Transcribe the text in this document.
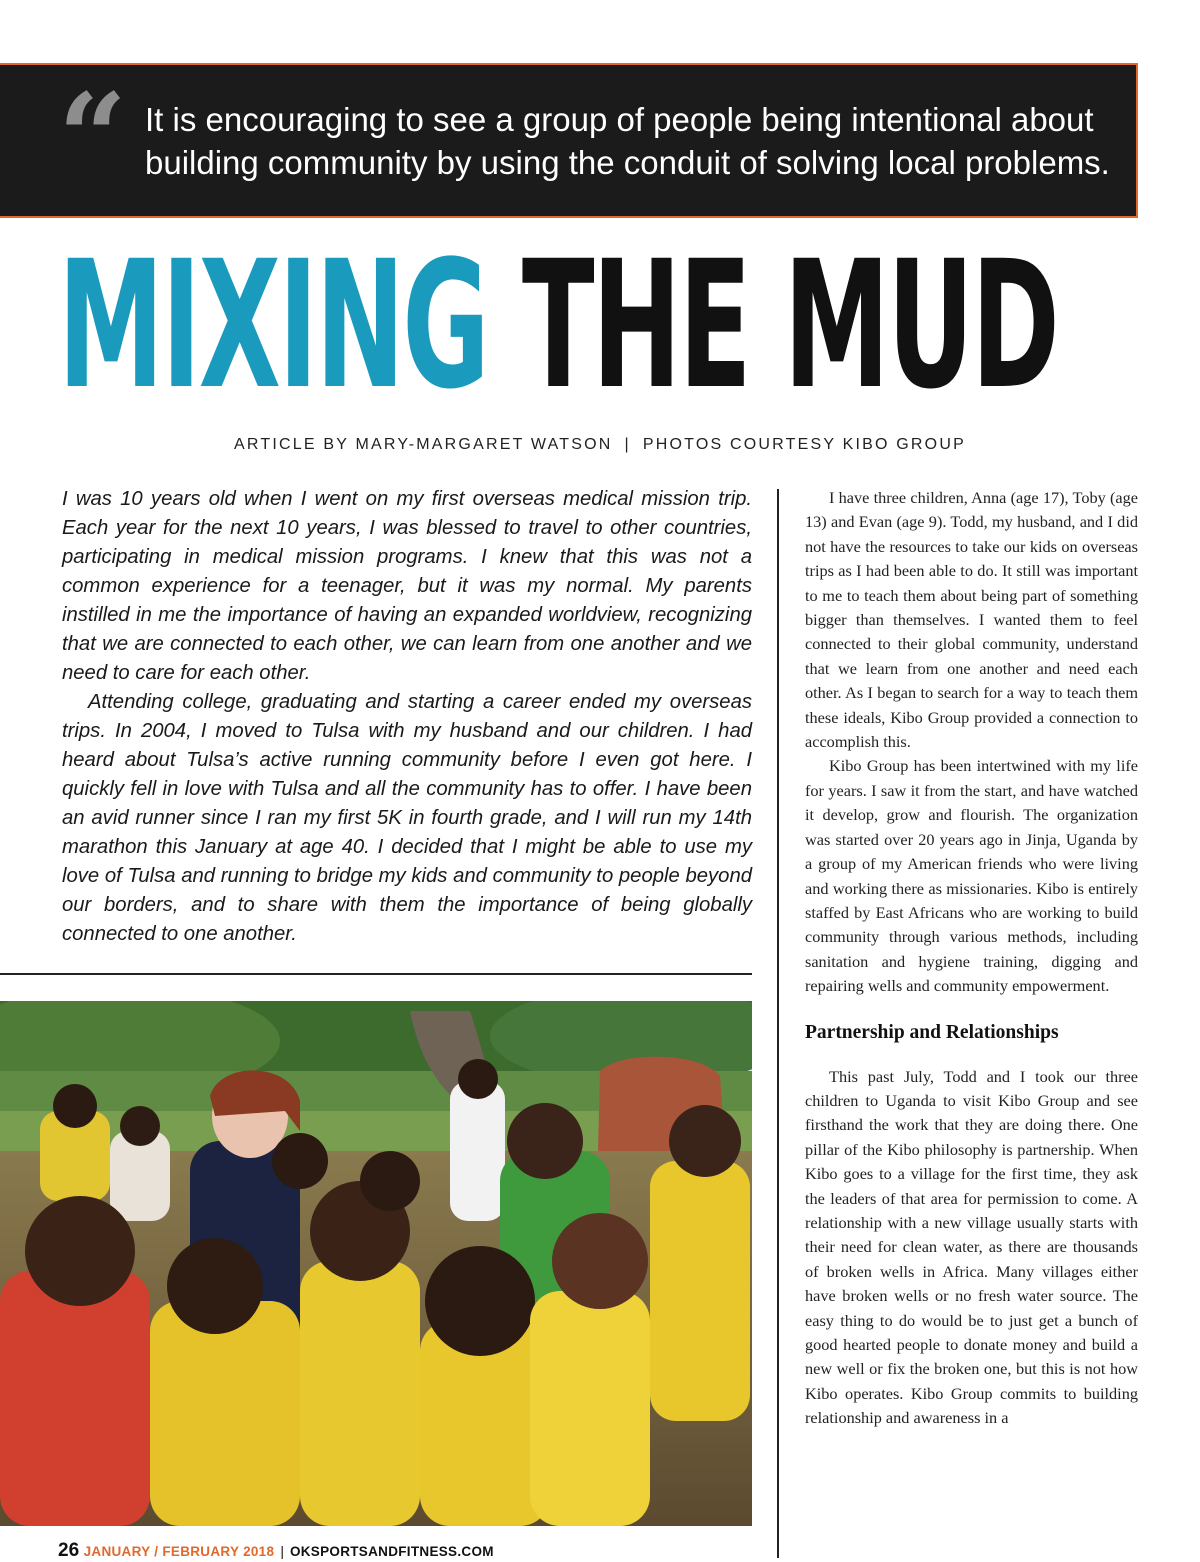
“ It is encouraging to see a group of people being intentional about building community by using the conduit of solving local problems.
MIXING THE MUD
ARTICLE BY MARY-MARGARET WATSON | PHOTOS COURTESY KIBO GROUP

I was 10 years old when I went on my first overseas medical mission trip. Each year for the next 10 years, I was blessed to travel to other countries, participating in medical mission programs. I knew that this was not a common experience for a teenager, but it was my normal. My parents instilled in me the importance of having an expanded worldview, recognizing that we are connected to each other, we can learn from one another and we need to care for each other.

Attending college, graduating and starting a career ended my overseas trips. In 2004, I moved to Tulsa with my husband and our children. I had heard about Tulsa’s active running community before I even got here. I quickly fell in love with Tulsa and all the community has to offer. I have been an avid runner since I ran my first 5K in fourth grade, and I will run my 14th marathon this January at age 40. I decided that I might be able to use my love of Tulsa and running to bridge my kids and community to people beyond our borders, and to share with them the importance of being globally connected to one another.

I have three children, Anna (age 17), Toby (age 13) and Evan (age 9). Todd, my husband, and I did not have the resources to take our kids on overseas trips as I had been able to do. It still was important to me to teach them about being part of something bigger than themselves. I wanted them to feel connected to their global community, understand that we learn from one another and need each other. As I began to search for a way to teach them these ideals, Kibo Group provided a connection to accomplish this.

Kibo Group has been intertwined with my life for years. I saw it from the start, and have watched it develop, grow and flourish. The organization was started over 20 years ago in Jinja, Uganda by a group of my American friends who were living and working there as missionaries. Kibo is entirely staffed by East Africans who are working to build community through various methods, including sanitation and hygiene training, digging and repairing wells and community empowerment.

Partnership and Relationships

This past July, Todd and I took our three children to Uganda to visit Kibo Group and see firsthand the work that they are doing there. One pillar of the Kibo philosophy is partnership. When Kibo goes to a village for the first time, they ask the leaders of that area for permission to come. A relationship with a new village usually starts with their need for clean water, as there are thousands of broken wells in Africa. Many villages either have broken wells or no fresh water source. The easy thing to do would be to just get a bunch of good hearted people to donate money and build a new well or fix the broken one, but this is not how Kibo operates. Kibo Group commits to building relationship and awareness in a

26 JANUARY / FEBRUARY 2018 | OKSPORTSANDFITNESS.COM
